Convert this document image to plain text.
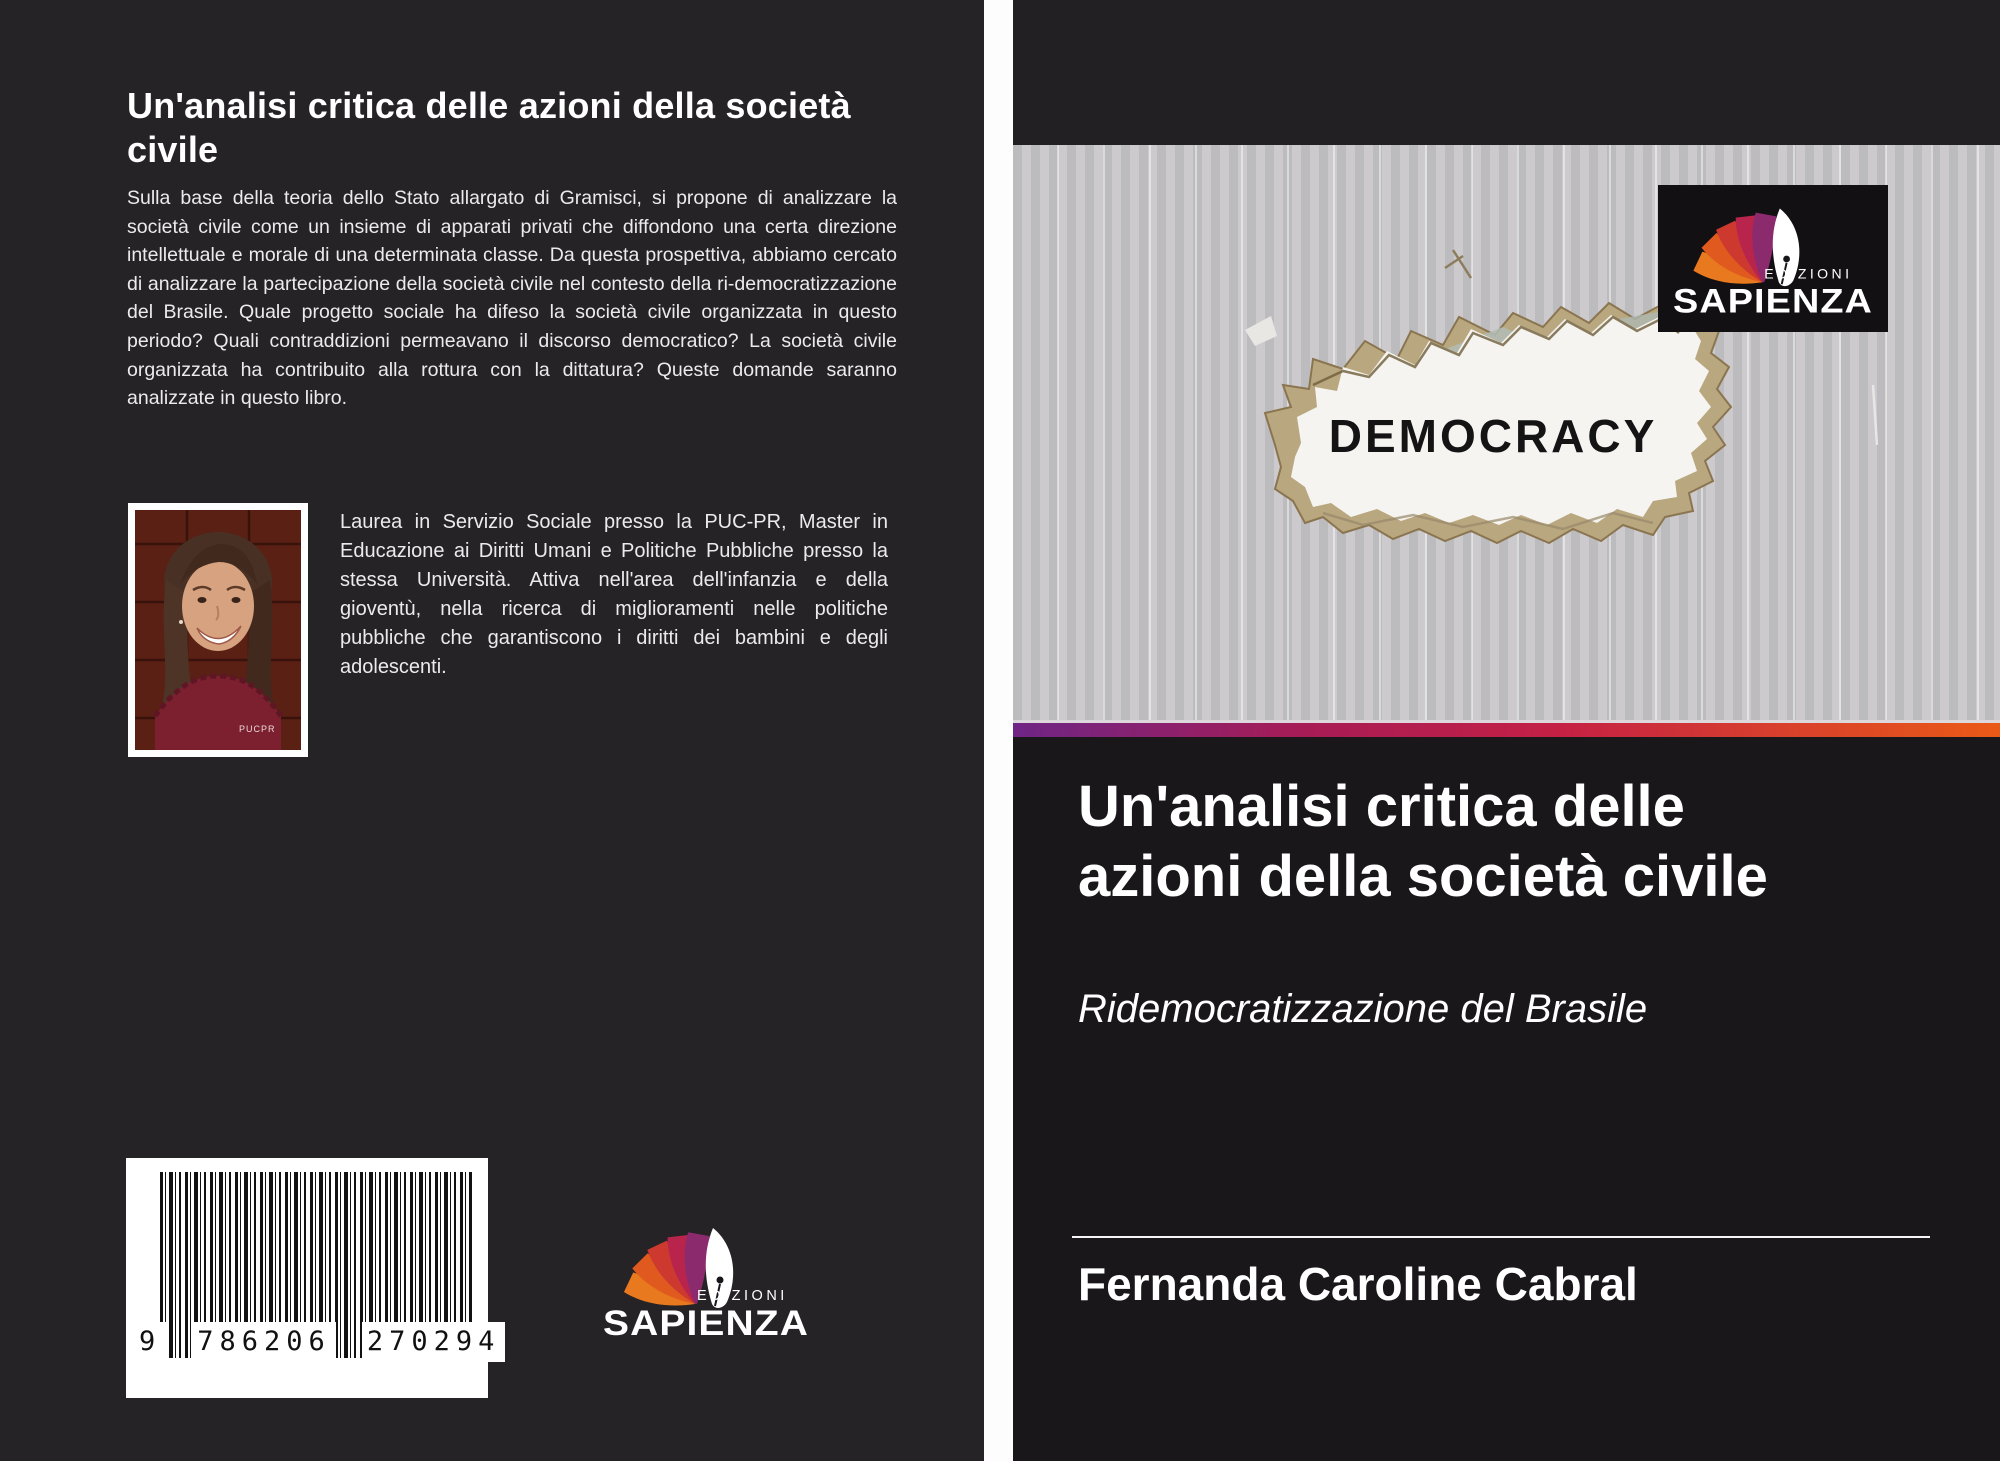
Un'analisi critica delle azioni della società civile
Sulla base della teoria dello Stato allargato di Gramisci, si propone di analizzare la società civile come un insieme di apparati privati che diffondono una certa direzione intellettuale e morale di una determinata classe. Da questa prospettiva, abbiamo cercato di analizzare la partecipazione della società civile nel contesto della ri-democratizzazione del Brasile. Quale progetto sociale ha difeso la società civile organizzata in questo periodo? Quali contraddizioni permeavano il discorso democratico? La società civile organizzata ha contribuito alla rottura con la dittatura? Queste domande saranno analizzate in questo libro.
PUCPR
Laurea in Servizio Sociale presso la PUC-PR, Master in Educazione ai Diritti Umani e Politiche Pubbliche presso la stessa Università. Attiva nell'area dell'infanzia e della gioventù, nella ricerca di miglioramenti nelle politiche pubbliche che garantiscono i diritti dei bambini e degli adolescenti.
9 786206 270294
DEMOCRACY
Un'analisi critica delle azioni della società civile
Ridemocratizzazione del Brasile
Fernanda Caroline Cabral
